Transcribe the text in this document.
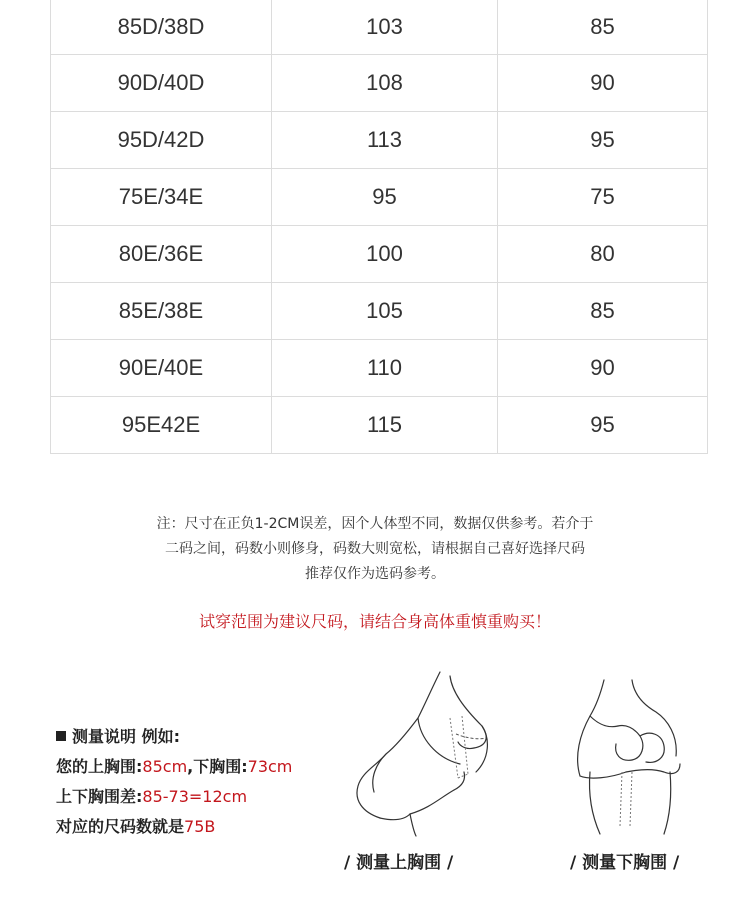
85D/38D	103	85
90D/40D	108	90
95D/42D	113	95
75E/34E	95	75
80E/36E	100	80
85E/38E	105	85
90E/40E	110	90
95E42E	115	95
注：尺寸在正负1-2CM误差，因个人体型不同，数据仅供参考。若介于
二码之间，码数小则修身，码数大则宽松，请根据自己喜好选择尺码
推荐仅作为选码参考。
试穿范围为建议尺码，请结合身高体重慎重购买！
测量说明 例如:
您的上胸围:85cm,下胸围:73cm
上下胸围差:85-73=12cm
对应的尺码数就是75B
/ 测量上胸围 /	/ 测量下胸围 /
